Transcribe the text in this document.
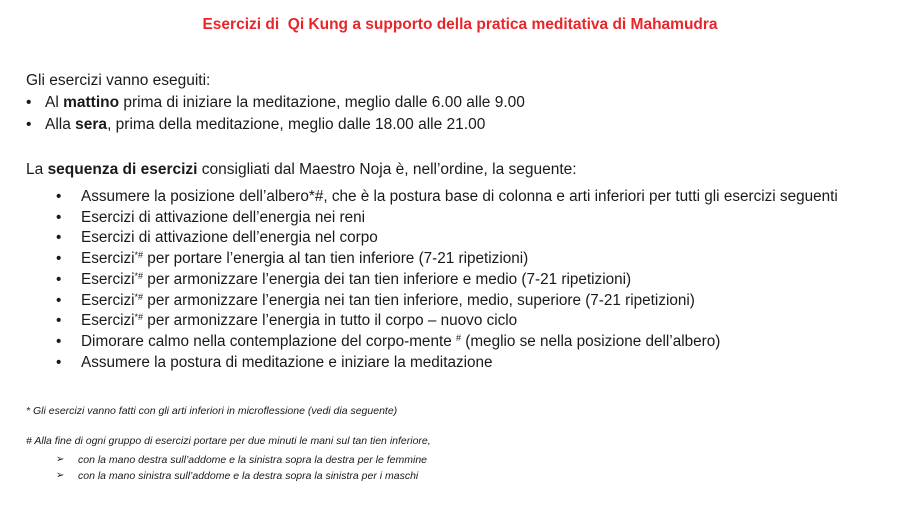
Esercizi di  Qi Kung a supporto della pratica meditativa di Mahamudra
Gli esercizi vanno eseguiti:
• Al mattino prima di iniziare la meditazione, meglio dalle 6.00 alle 9.00
• Alla sera, prima della meditazione, meglio dalle 18.00 alle 21.00
La sequenza di esercizi consigliati dal Maestro Noja è, nell’ordine, la seguente:
• Assumere la posizione dell’albero*#, che è la postura base di colonna e arti inferiori per tutti gli esercizi seguenti
• Esercizi di attivazione dell’energia nei reni
• Esercizi di attivazione dell’energia nel corpo
• Esercizi*# per portare l’energia al tan tien inferiore (7-21 ripetizioni)
• Esercizi*# per armonizzare l’energia dei tan tien inferiore e medio (7-21 ripetizioni)
• Esercizi*# per armonizzare l’energia nei tan tien inferiore, medio, superiore (7-21 ripetizioni)
• Esercizi*# per armonizzare l’energia in tutto il corpo – nuovo ciclo
• Dimorare calmo nella contemplazione del corpo-mente # (meglio se nella posizione dell’albero)
• Assumere la postura di meditazione e iniziare la meditazione
* Gli esercizi vanno fatti con gli arti inferiori in microflessione (vedi dia seguente)
# Alla fine di ogni gruppo di esercizi portare per due minuti le mani sul tan tien inferiore,
➢ con la mano destra sull’addome e la sinistra sopra la destra per le femmine
➢ con la mano sinistra sull’addome e la destra sopra la sinistra per i maschi
